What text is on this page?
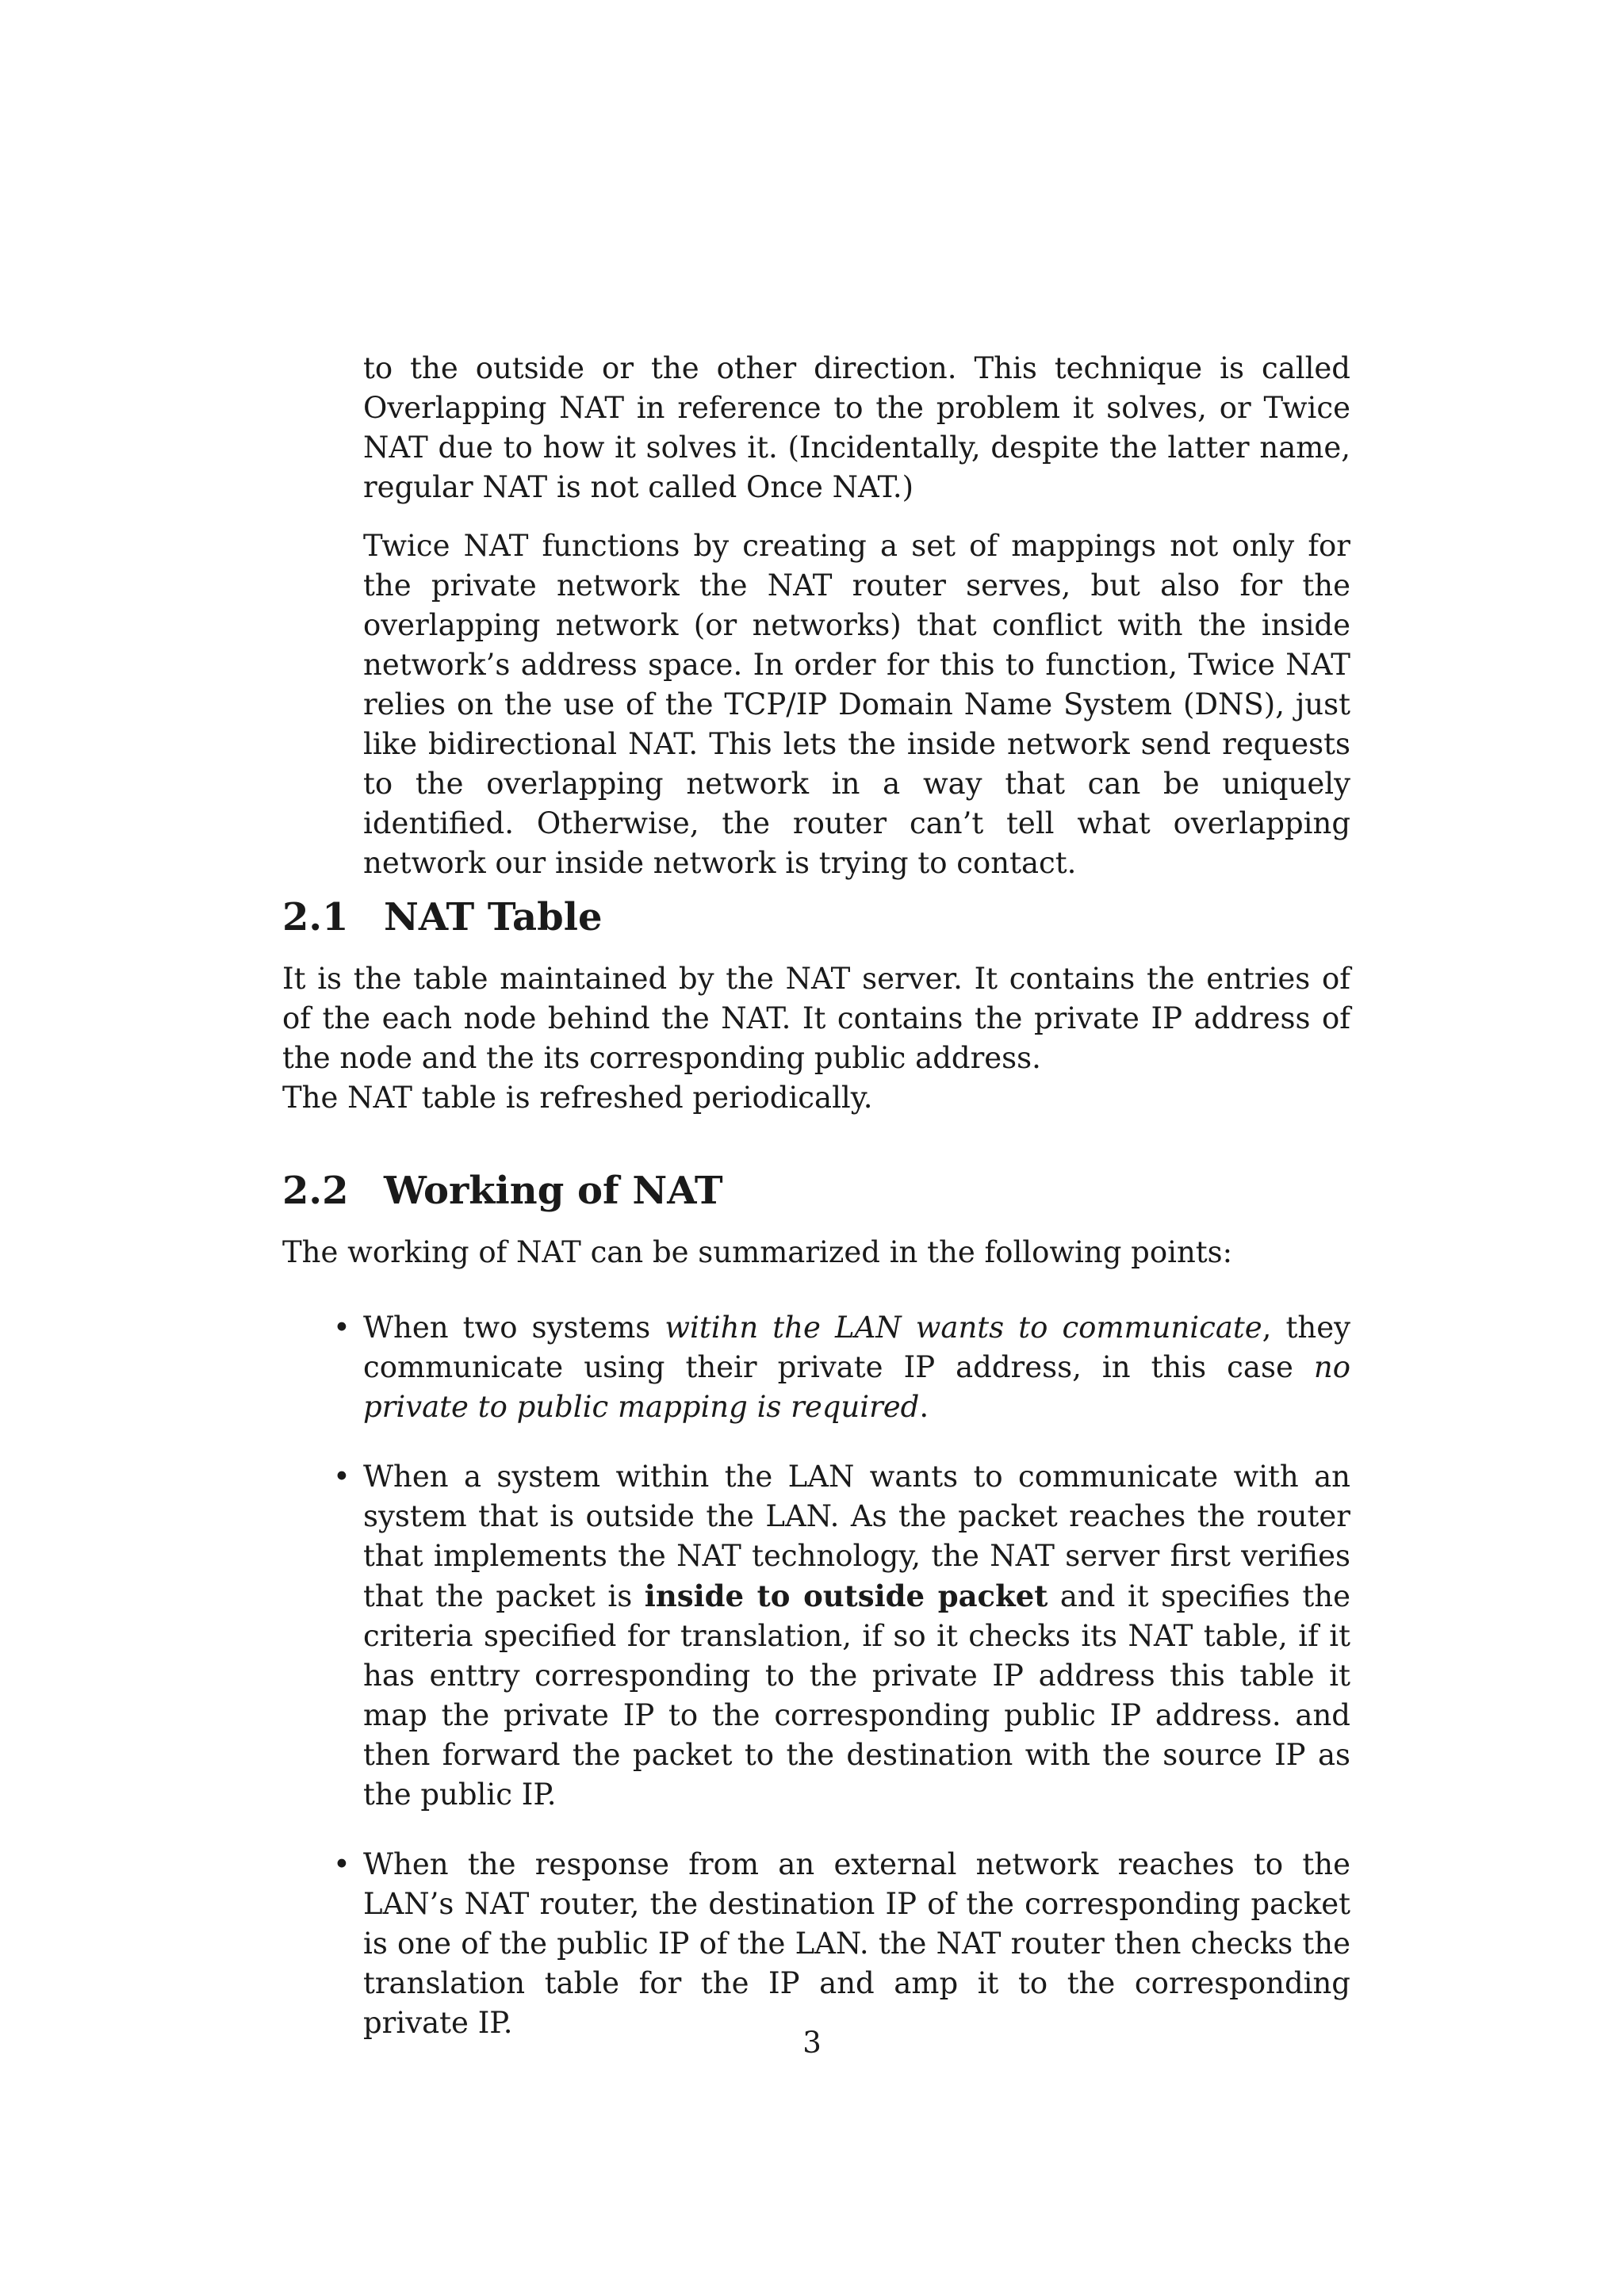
to the outside or the other direction. This technique is called Overlapping NAT in reference to the problem it solves, or Twice NAT due to how it solves it. (Incidentally, despite the latter name, regular NAT is not called Once NAT.)

Twice NAT functions by creating a set of mappings not only for the private network the NAT router serves, but also for the overlapping network (or networks) that conflict with the inside network’s address space. In order for this to function, Twice NAT relies on the use of the TCP/IP Domain Name System (DNS), just like bidirectional NAT. This lets the inside network send requests to the overlapping network in a way that can be uniquely identified. Otherwise, the router can’t tell what overlapping network our inside network is trying to contact.

2.1 NAT Table
It is the table maintained by the NAT server. It contains the entries of of the each node behind the NAT. It contains the private IP address of the node and the its corresponding public address.
The NAT table is refreshed periodically.
2.2 Working of NAT

The working of NAT can be summarized in the following points:

• When two systems witihn the LAN wants to communicate, they communicate using their private IP address, in this case no private to public mapping is required.
• When a system within the LAN wants to communicate with an system that is outside the LAN. As the packet reaches the router that implements the NAT technology, the NAT server first verifies that the packet is inside to outside packet and it specifies the criteria specified for translation, if so it checks its NAT table, if it has enttry corresponding to the private IP address this table it map the private IP to the corresponding public IP address. and then forward the packet to the destination with the source IP as the public IP.
• When the response from an external network reaches to the LAN’s NAT router, the destination IP of the corresponding packet is one of the public IP of the LAN. the NAT router then checks the translation table for the IP and amp it to the corresponding private IP.
3
